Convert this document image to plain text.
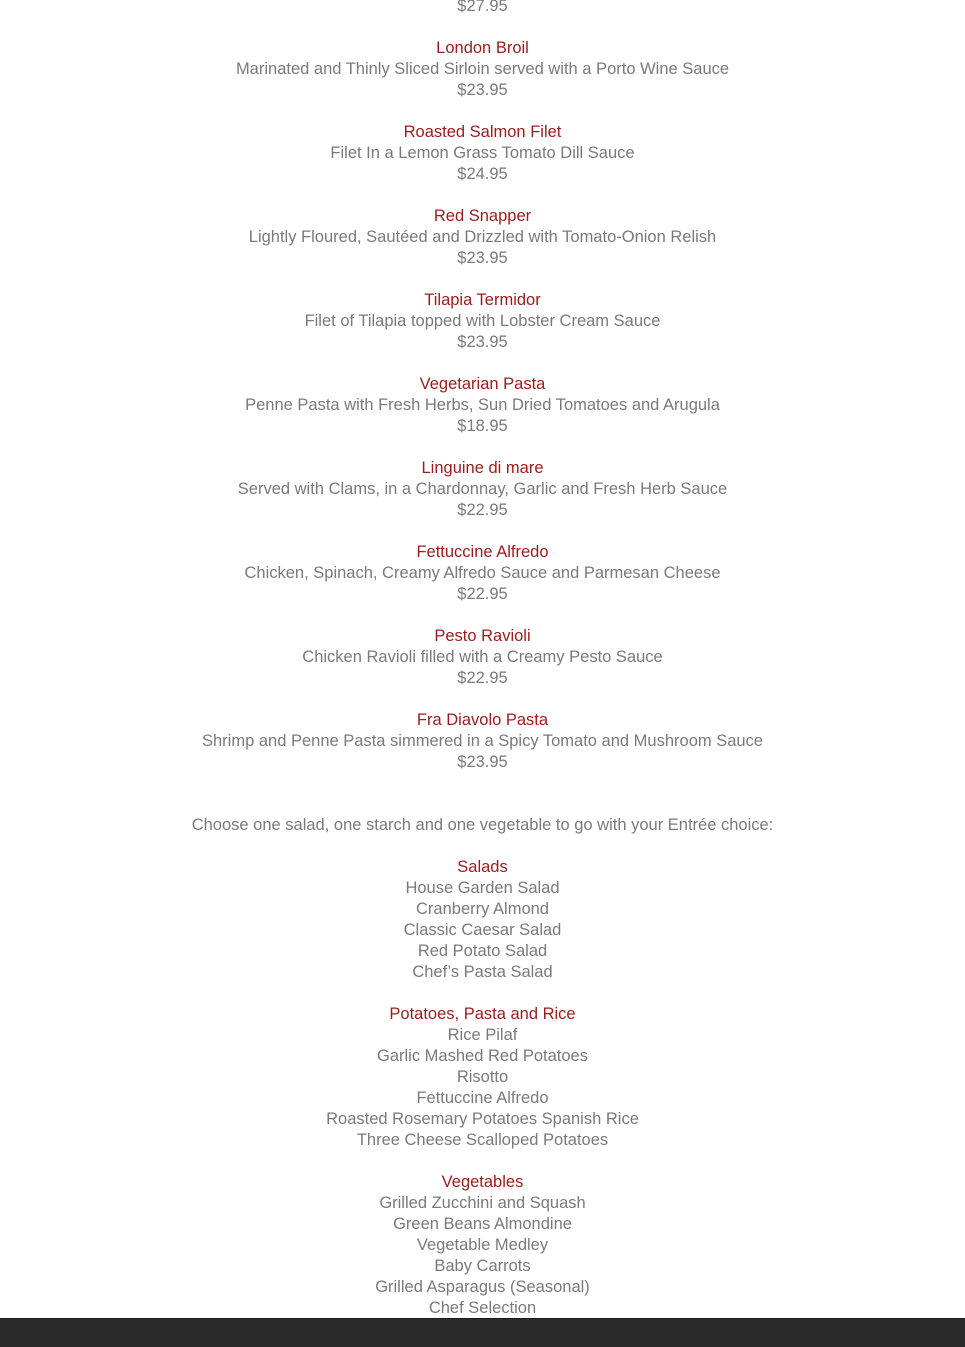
$27.95
London Broil
Marinated and Thinly Sliced Sirloin served with a Porto Wine Sauce
$23.95
Roasted Salmon Filet
Filet In a Lemon Grass Tomato Dill Sauce
$24.95
Red Snapper
Lightly Floured, Sautéed and Drizzled with Tomato-Onion Relish
$23.95
Tilapia Termidor
Filet of Tilapia topped with Lobster Cream Sauce
$23.95
Vegetarian Pasta
Penne Pasta with Fresh Herbs, Sun Dried Tomatoes and Arugula
$18.95
Linguine di mare
Served with Clams, in a Chardonnay, Garlic and Fresh Herb Sauce
$22.95
Fettuccine Alfredo
Chicken, Spinach, Creamy Alfredo Sauce and Parmesan Cheese
$22.95
Pesto Ravioli
Chicken Ravioli filled with a Creamy Pesto Sauce
$22.95
Fra Diavolo Pasta
Shrimp and Penne Pasta simmered in a Spicy Tomato and Mushroom Sauce
$23.95
Choose one salad, one starch and one vegetable to go with your Entrée choice:
Salads
House Garden Salad
Cranberry Almond
Classic Caesar Salad
Red Potato Salad
Chef’s Pasta Salad
Potatoes, Pasta and Rice
Rice Pilaf
Garlic Mashed Red Potatoes
Risotto
Fettuccine Alfredo
Roasted Rosemary Potatoes Spanish Rice
Three Cheese Scalloped Potatoes
Vegetables
Grilled Zucchini and Squash
Green Beans Almondine
Vegetable Medley
Baby Carrots
Grilled Asparagus (Seasonal)
Chef Selection
